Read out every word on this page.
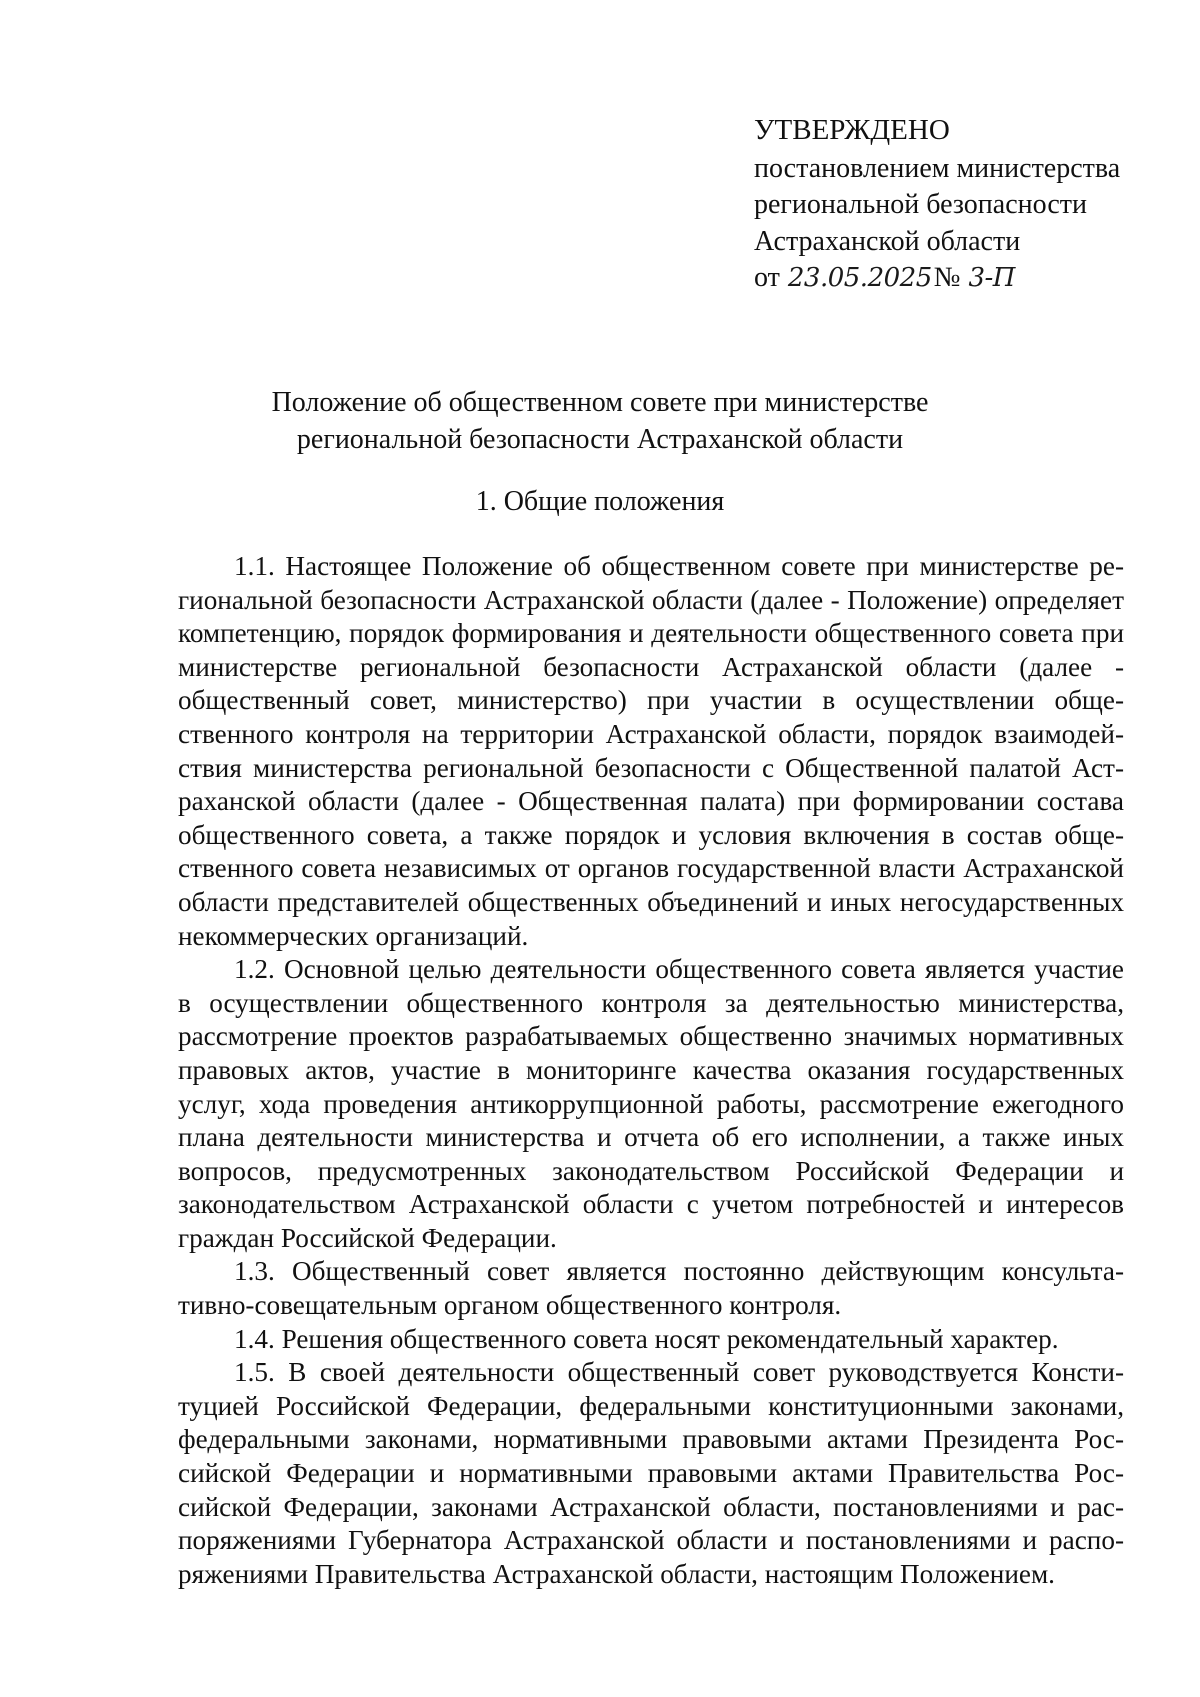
УТВЕРЖДЕНО
постановлением министерства
региональной безопасности
Астраханской области
от 23.05.2025 № 3-П
Положение об общественном совете при министерстве
региональной безопасности Астраханской области
1. Общие положения

1.1. Настоящее Положение об общественном совете при министерстве региональной безопасности Астраханской области (далее - Положение) определяет компетенцию, порядок формирования и деятельности общественного совета при министерстве региональной безопасности Астраханской области (далее - общественный совет, министерство) при участии в осуществлении общественного контроля на территории Астраханской области, порядок взаимодействия министерства региональной безопасности с Общественной палатой Астраханской области (далее - Общественная палата) при формировании состава общественного совета, а также порядок и условия включения в состав общественного совета независимых от органов государственной власти Астраханской области представителей общественных объединений и иных негосударственных некоммерческих организаций.

1.2. Основной целью деятельности общественного совета является участие в осуществлении общественного контроля за деятельностью министерства, рассмотрение проектов разрабатываемых общественно значимых нормативных правовых актов, участие в мониторинге качества оказания государственных услуг, хода проведения антикоррупционной работы, рассмотрение ежегодного плана деятельности министерства и отчета об его исполнении, а также иных вопросов, предусмотренных законодательством Российской Федерации и законодательством Астраханской области с учетом потребностей и интересов граждан Российской Федерации.

1.3. Общественный совет является постоянно действующим консультативно-совещательным органом общественного контроля.

1.4. Решения общественного совета носят рекомендательный характер.

1.5. В своей деятельности общественный совет руководствуется Конституцией Российской Федерации, федеральными конституционными законами, федеральными законами, нормативными правовыми актами Президента Российской Федерации и нормативными правовыми актами Правительства Российской Федерации, законами Астраханской области, постановлениями и распоряжениями Губернатора Астраханской области и постановлениями и распоряжениями Правительства Астраханской области, настоящим Положением.
